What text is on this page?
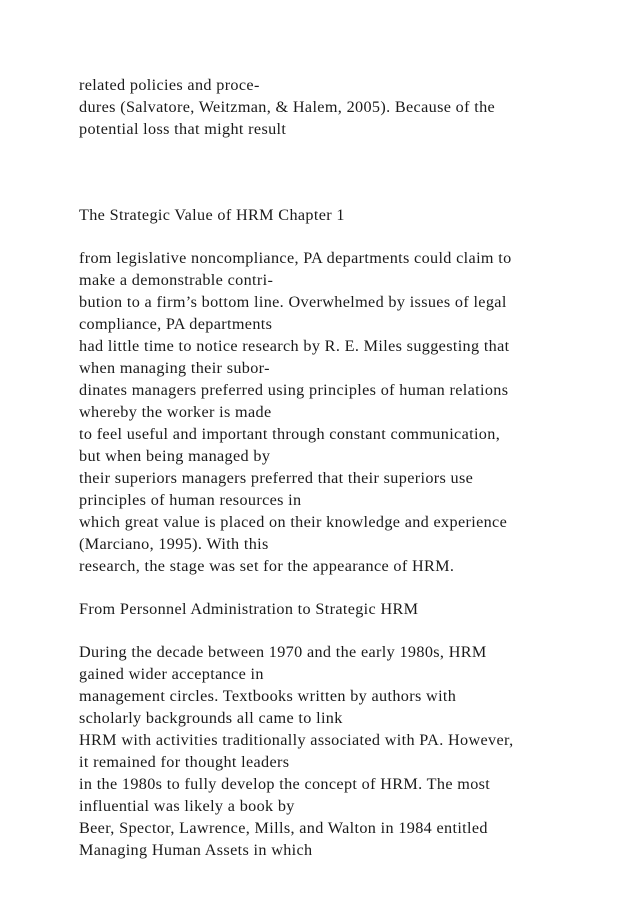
related policies and proce-
dures (Salvatore, Weitzman, & Halem, 2005). Because of the
potential loss that might result
The Strategic Value of HRM Chapter 1
from legislative noncompliance, PA departments could claim to
make a demonstrable contri-
bution to a firm’s bottom line. Overwhelmed by issues of legal
compliance, PA departments
had little time to notice research by R. E. Miles suggesting that
when managing their subor-
dinates managers preferred using principles of human relations
whereby the worker is made
to feel useful and important through constant communication,
but when being managed by
their superiors managers preferred that their superiors use
principles of human resources in
which great value is placed on their knowledge and experience
(Marciano, 1995). With this
research, the stage was set for the appearance of HRM.
From Personnel Administration to Strategic HRM
During the decade between 1970 and the early 1980s, HRM
gained wider acceptance in
management circles. Textbooks written by authors with
scholarly backgrounds all came to link
HRM with activities traditionally associated with PA. However,
it remained for thought leaders
in the 1980s to fully develop the concept of HRM. The most
influential was likely a book by
Beer, Spector, Lawrence, Mills, and Walton in 1984 entitled
Managing Human Assets in which
